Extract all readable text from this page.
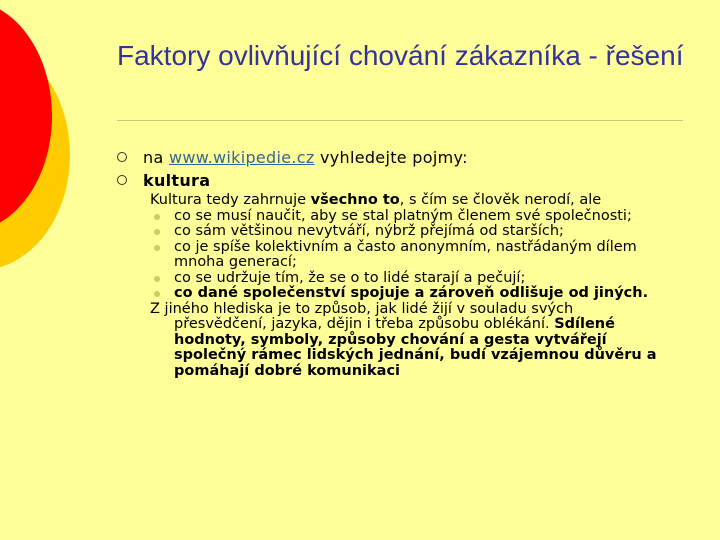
Faktory ovlivňující chování zákazníka - řešení
na www.wikipedie.cz vyhledejte pojmy:
kultura

Kultura tedy zahrnuje všechno to, s čím se člověk nerodí, ale

co se musí naučit, aby se stal platným členem své společnosti;
co sám většinou nevytváří, nýbrž přejímá od starších;
co je spíše kolektivním a často anonymním, nastřádaným dílem mnoha generací;
co se udržuje tím, že se o to lidé starají a pečují;
co dané společenství spojuje a zároveň odlišuje od jiných.

Z jiného hlediska je to způsob, jak lidé žijí v souladu svých přesvědčení, jazyka, dějin i třeba způsobu oblékání. Sdílené hodnoty, symboly, způsoby chování a gesta vytvářejí společný rámec lidských jednání, budí vzájemnou důvěru a pomáhají dobré komunikaci
